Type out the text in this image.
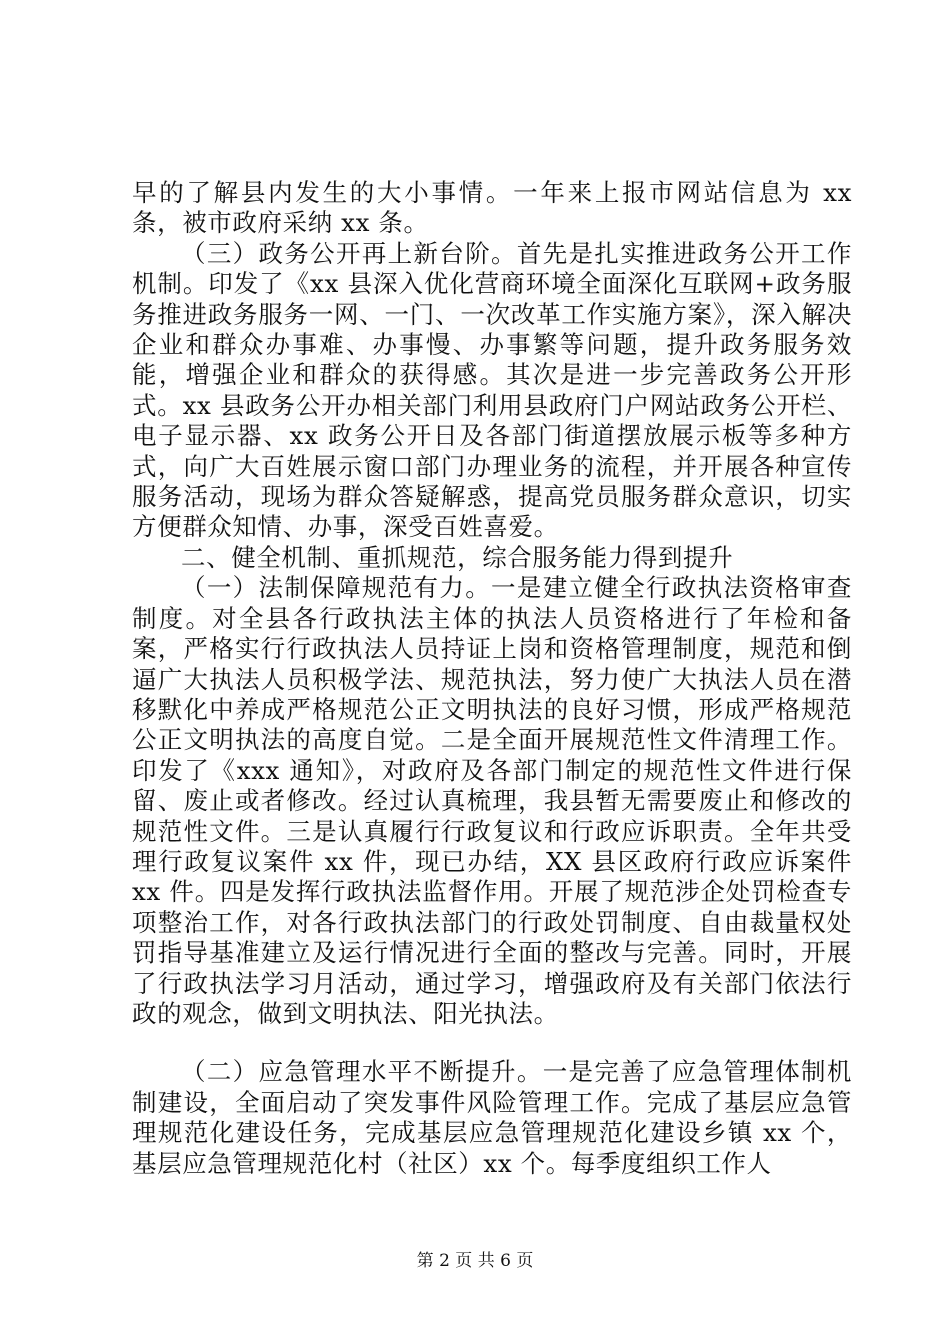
早的了解县内发生的大小事情。一年来上报市网站信息为 xx 条，被市政府采纳 xx 条。

（三）政务公开再上新台阶。首先是扎实推进政务公开工作机制。印发了《xx 县深入优化营商环境全面深化互联网+政务服务推进政务服务一网、一门、一次改革工作实施方案》，深入解决企业和群众办事难、办事慢、办事繁等问题，提升政务服务效能，增强企业和群众的获得感。其次是进一步完善政务公开形式。xx 县政务公开办相关部门利用县政府门户网站政务公开栏、电子显示器、xx 政务公开日及各部门街道摆放展示板等多种方式，向广大百姓展示窗口部门办理业务的流程，并开展各种宣传服务活动，现场为群众答疑解惑，提高党员服务群众意识，切实方便群众知情、办事，深受百姓喜爱。

二、健全机制、重抓规范，综合服务能力得到提升

（一）法制保障规范有力。一是建立健全行政执法资格审查制度。对全县各行政执法主体的执法人员资格进行了年检和备案，严格实行行政执法人员持证上岗和资格管理制度，规范和倒逼广大执法人员积极学法、规范执法，努力使广大执法人员在潜移默化中养成严格规范公正文明执法的良好习惯，形成严格规范公正文明执法的高度自觉。二是全面开展规范性文件清理工作。印发了《xxx 通知》，对政府及各部门制定的规范性文件进行保留、废止或者修改。经过认真梳理，我县暂无需要废止和修改的规范性文件。三是认真履行行政复议和行政应诉职责。全年共受理行政复议案件 xx 件，现已办结，XX 县区政府行政应诉案件 xx 件。四是发挥行政执法监督作用。开展了规范涉企处罚检查专项整治工作，对各行政执法部门的行政处罚制度、自由裁量权处罚指导基准建立及运行情况进行全面的整改与完善。同时，开展了行政执法学习月活动，通过学习，增强政府及有关部门依法行政的观念，做到文明执法、阳光执法。

（二）应急管理水平不断提升。一是完善了应急管理体制机制建设，全面启动了突发事件风险管理工作。完成了基层应急管理规范化建设任务，完成基层应急管理规范化建设乡镇 xx 个，基层应急管理规范化村（社区）xx 个。每季度组织工作人

第 2 页 共 6 页
